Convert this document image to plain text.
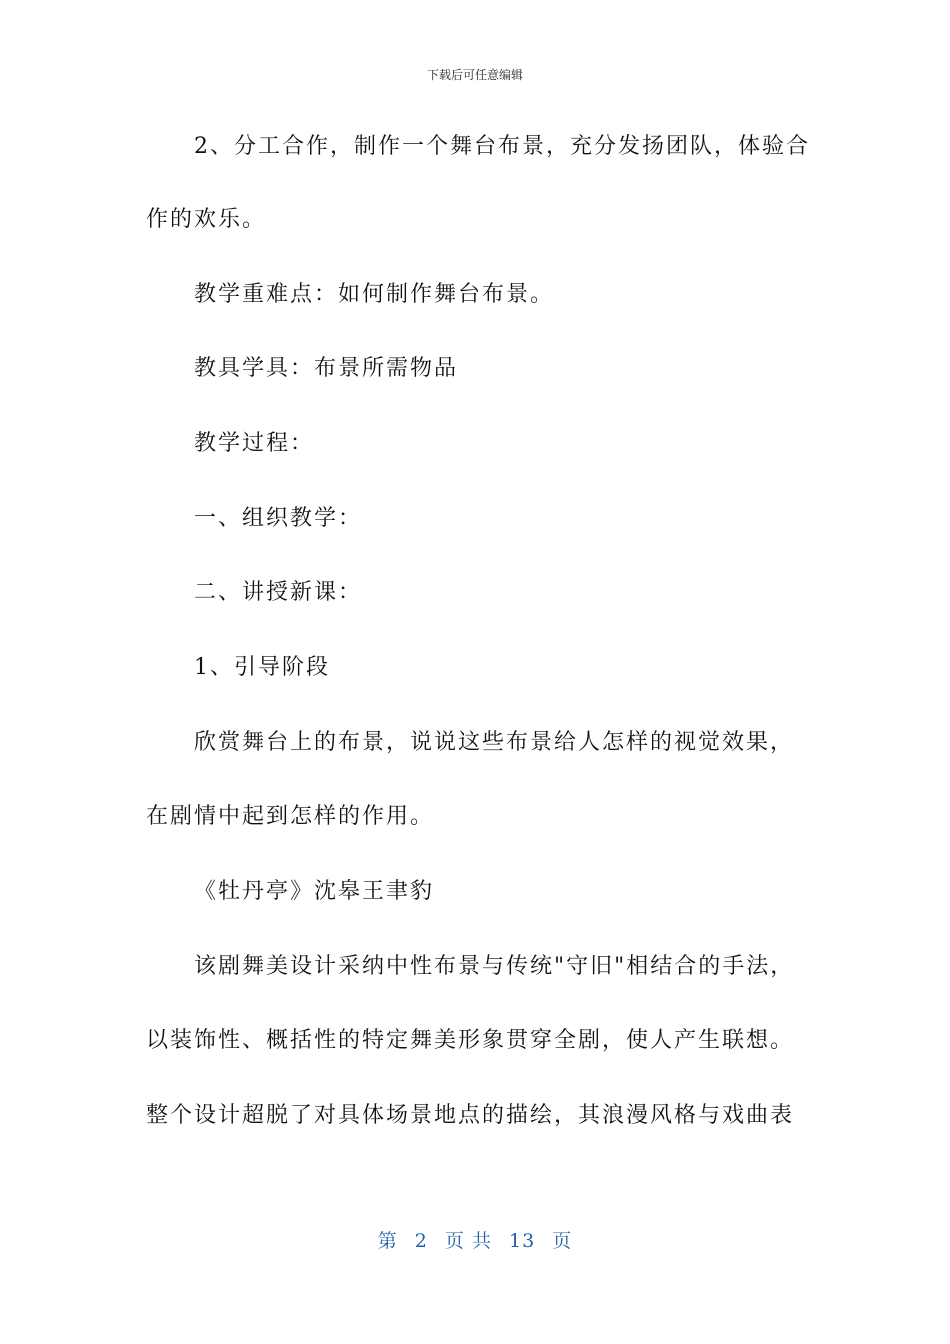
下载后可任意编辑
2、分工合作，制作一个舞台布景，充分发扬团队，体验合
作的欢乐。
教学重难点：如何制作舞台布景。
教具学具：布景所需物品
教学过程：
一、组织教学：
二、讲授新课：
1、引导阶段
欣赏舞台上的布景，说说这些布景给人怎样的视觉效果，
在剧情中起到怎样的作用。
《牡丹亭》沈皋王聿豹
该剧舞美设计采纳中性布景与传统"守旧"相结合的手法，
以装饰性、概括性的特定舞美形象贯穿全剧，使人产生联想。
整个设计超脱了对具体场景地点的描绘，其浪漫风格与戏曲表
第 2 页 共 13 页
